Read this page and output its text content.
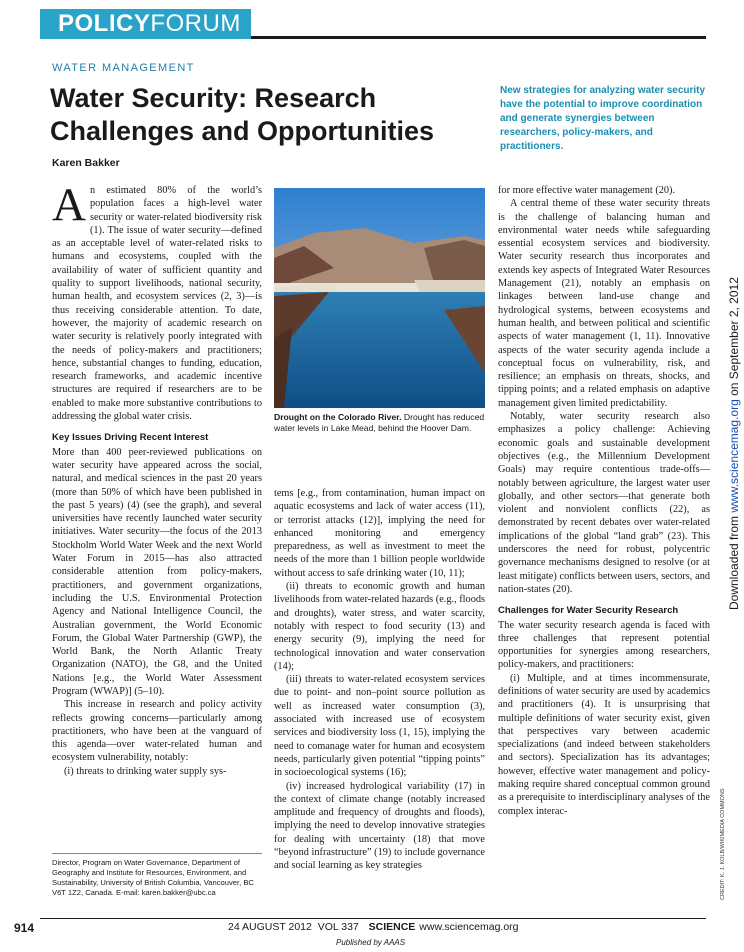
POLICY FORUM
WATER MANAGEMENT
Water Security: Research Challenges and Opportunities
Karen Bakker
New strategies for analyzing water security have the potential to improve coordination and generate synergies between researchers, policy-makers, and practitioners.
A n estimated 80% of the world’s population faces a high-level water security or water-related biodiversity risk (1). The issue of water security—defined as an acceptable level of water-related risks to humans and ecosystems, coupled with the availability of water of sufficient quantity and quality to support livelihoods, national security, human health, and ecosystem services (2, 3)—is thus receiving considerable attention. To date, however, the majority of academic research on water security is relatively poorly integrated with the needs of policy-makers and practitioners; hence, substantial changes to funding, education, research frameworks, and academic incentive structures are required if researchers are to be enabled to make more substantive contributions to addressing the global water crisis.

Key Issues Driving Recent Interest

More than 400 peer-reviewed publications on water security have appeared across the social, natural, and medical sciences in the past 20 years (more than 50% of which have been published in the past 5 years) (4) (see the graph), and several universities have recently launched water security initiatives. Water security—the focus of the 2013 Stockholm World Water Week and the next World Water Forum in 2015—has also attracted considerable attention from policy-makers, practitioners, and government organizations, including the U.S. Environmental Protection Agency and National Intelligence Council, the Australian government, the World Economic Forum, the Global Water Partnership (GWP), the World Bank, the North Atlantic Treaty Organization (NATO), the G8, and the United Nations [e.g., the World Water Assessment Program (WWAP)] (5–10).

This increase in research and policy activity reflects growing concerns—particularly among practitioners, who have been at the vanguard of this agenda—over water-related human and ecosystem vulnerability, notably:

(i) threats to drinking water supply sys-

Drought on the Colorado River. Drought has reduced water levels in Lake Mead, behind the Hoover Dam.

tems [e.g., from contamination, human impact on aquatic ecosystems and lack of water access (11), or terrorist attacks (12)], implying the need for enhanced monitoring and emergency preparedness, as well as investment to meet the needs of the more than 1 billion people worldwide without access to safe drinking water (10, 11);

(ii) threats to economic growth and human livelihoods from water-related hazards (e.g., floods and droughts), water stress, and water scarcity, notably with respect to food security (13) and energy security (9), implying the need for technological innovation and water conservation (14);

(iii) threats to water-related ecosystem services due to point- and non–point source pollution as well as increased water consumption (3), associated with increased use of ecosystem services and biodiversity loss (1, 15), implying the need to comanage water for human and ecosystem needs, particularly given potential “tipping points” in socioecological systems (16);

(iv) increased hydrological variability (17) in the context of climate change (notably increased amplitude and frequency of droughts and floods), implying the need to develop innovative strategies for dealing with uncertainty (18) that move “beyond infrastructure” (19) to include governance and social learning as key strategies

for more effective water management (20).

A central theme of these water security threats is the challenge of balancing human and environmental water needs while safeguarding essential ecosystem services and biodiversity. Water security research thus incorporates and extends key aspects of Integrated Water Resources Management (21), notably an emphasis on linkages between land-use change and hydrological systems, between ecosystems and human health, and between political and scientific aspects of water management (1, 11). Innovative aspects of the water security agenda include a conceptual focus on vulnerability, risk, and resilience; an emphasis on threats, shocks, and tipping points; and a related emphasis on adaptive management given limited predictability.

Notably, water security research also emphasizes a policy challenge: Achieving economic goals and sustainable development objectives (e.g., the Millennium Development Goals) may require contentious trade-offs—notably between agriculture, the largest water user globally, and other sectors—that generate both violent and nonviolent conflicts (22), as demonstrated by recent debates over water-related implications of the global “land grab” (23). This underscores the need for robust, polycentric governance mechanisms designed to resolve (or at least mitigate) conflicts between users, sectors, and nation-states (20).

Challenges for Water Security Research

The water security research agenda is faced with three challenges that represent potential opportunities for synergies among researchers, policy-makers, and practitioners:

(i) Multiple, and at times incommensurate, definitions of water security are used by academics and practitioners (4). It is unsurprising that multiple definitions of water security exist, given that perspectives vary between academic specializations (and indeed between stakeholders and sectors). Specialization has its advantages; however, effective water management and policy-making require shared conceptual common ground as a prerequisite to interdisciplinary analyses of the complex interac-

Director, Program on Water Governance, Department of Geography and Institute for Resources, Environment, and Sustainability, University of British Columbia, Vancouver, BC V6T 1Z2, Canada. E-mail: karen.bakker@ubc.ca
914	24 AUGUST 2012 VOL 337 SCIENCE www.sciencemag.org
Published by AAAS
Downloaded from www.sciencemag.org on September 2, 2012
CREDIT: K. J. KOLB/WIKIMEDIA COMMONS
